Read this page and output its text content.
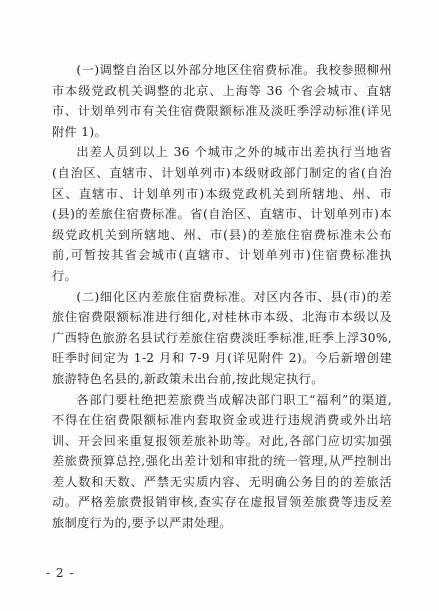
(一)调整自治区以外部分地区住宿费标准。我校参照柳州市本级党政机关调整的北京、上海等 36 个省会城市、直辖市、计划单列市有关住宿费限额标准及淡旺季浮动标准(详见附件 1)。

出差人员到以上 36 个城市之外的城市出差执行当地省(自治区、直辖市、计划单列市)本级财政部门制定的省(自治区、直辖市、计划单列市)本级党政机关到所辖地、州、市(县)的差旅住宿费标准。省(自治区、直辖市、计划单列市)本级党政机关到所辖地、州、市(县)的差旅住宿费标准未公布前,可暂按其省会城市(直辖市、计划单列市)住宿费标准执行。

(二)细化区内差旅住宿费标准。对区内各市、县(市)的差旅住宿费限额标准进行细化,对桂林市本级、北海市本级以及广西特色旅游名县试行差旅住宿费淡旺季标准,旺季上浮30%,旺季时间定为 1-2 月和 7-9 月(详见附件 2)。今后新增创建旅游特色名县的,新政策未出台前,按此规定执行。

各部门要杜绝把差旅费当成解决部门职工“福利”的渠道,不得在住宿费限额标准内套取资金或进行违规消费或外出培训、开会回来重复报领差旅补助等。对此,各部门应切实加强差旅费预算总控,强化出差计划和审批的统一管理,从严控制出差人数和天数、严禁无实质内容、无明确公务目的的差旅活动。严格差旅费报销审核,查实存在虚报冒领差旅费等违反差旅制度行为的,要予以严肃处理。

- 2 -
